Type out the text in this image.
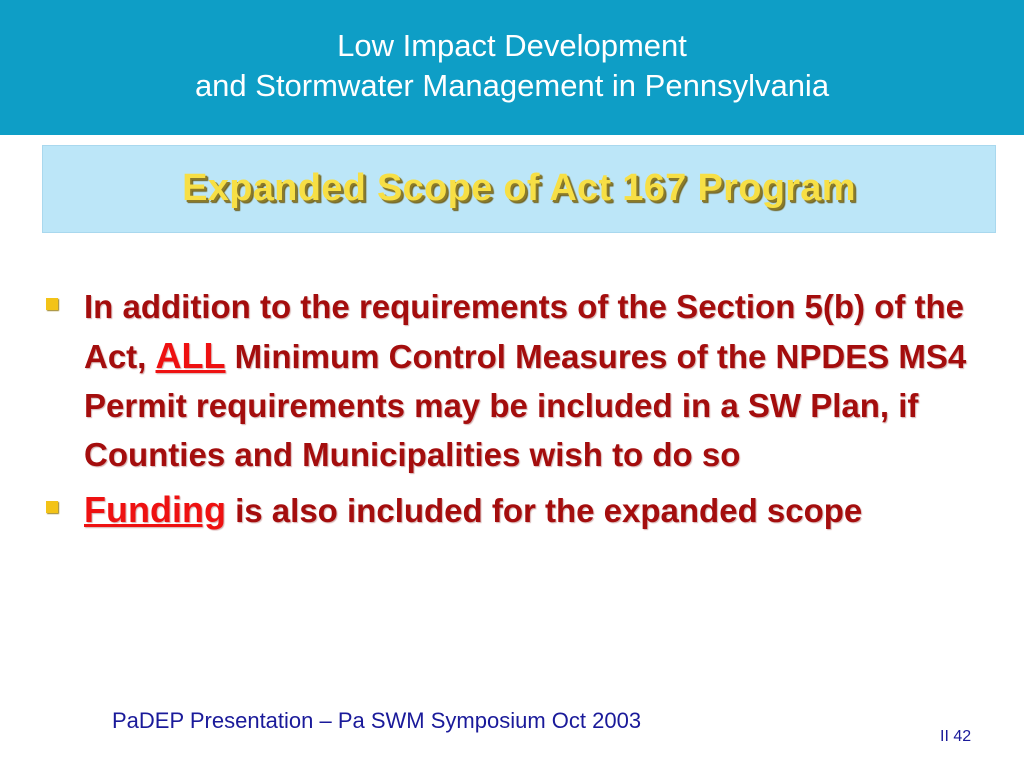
Low Impact Development
and Stormwater Management in Pennsylvania
Expanded Scope of Act 167 Program
In addition to the requirements of the Section 5(b) of the Act, ALL Minimum Control Measures of the NPDES MS4 Permit requirements may be included in a SW Plan, if Counties and Municipalities wish to do so
Funding is also included for the expanded scope
PaDEP Presentation – Pa SWM Symposium Oct 2003
II 42
